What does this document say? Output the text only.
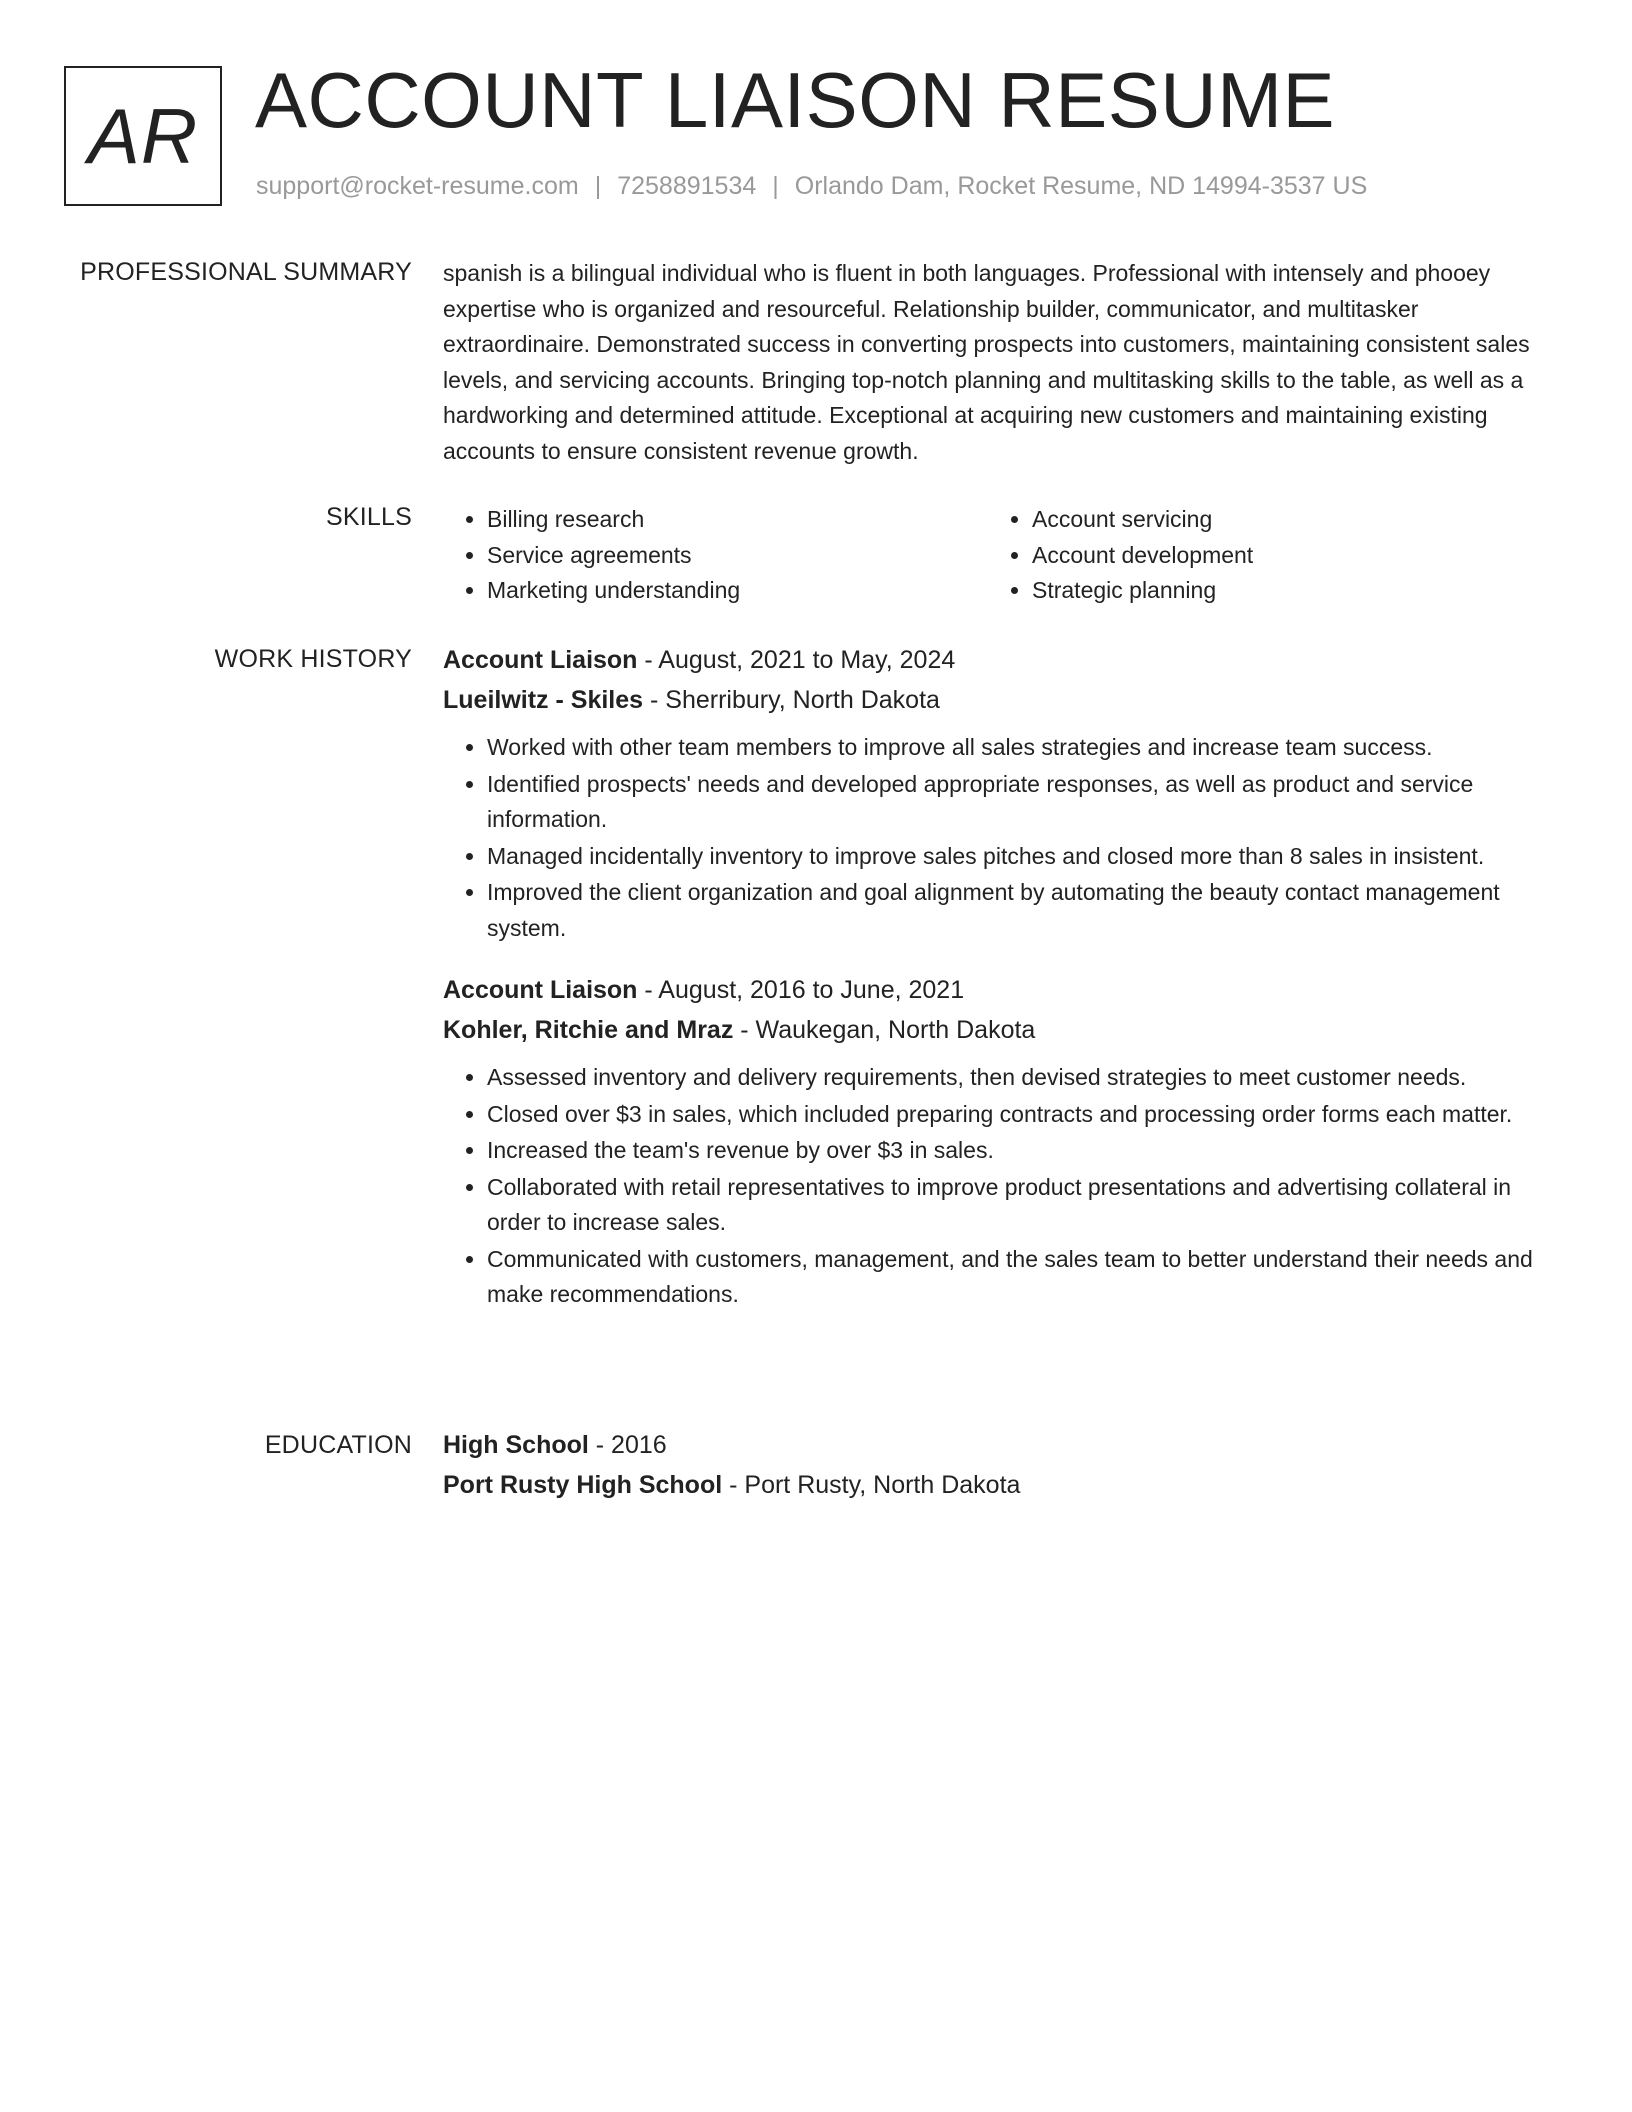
AR ACCOUNT LIAISON RESUME
support@rocket-resume.com | 7258891534 | Orlando Dam, Rocket Resume, ND 14994-3537 US
PROFESSIONAL SUMMARY spanish is a bilingual individual who is fluent in both languages. Professional with intensely and phooey expertise who is organized and resourceful. Relationship builder, communicator, and multitasker extraordinaire. Demonstrated success in converting prospects into customers, maintaining consistent sales levels, and servicing accounts. Bringing top-notch planning and multitasking skills to the table, as well as a hardworking and determined attitude. Exceptional at acquiring new customers and maintaining existing accounts to ensure consistent revenue growth.

SKILLS
•	Billing research
• Service agreements
• Marketing understanding
• Account servicing
• Account development
• Strategic planning
WORK HISTORY Account Liaison - August, 2021 to May, 2024
Lueilwitz - Skiles - Sherribury, North Dakota
• Worked with other team members to improve all sales strategies and increase team success.
• Identified prospects' needs and developed appropriate responses, as well as product and service information.
• Managed incidentally inventory to improve sales pitches and closed more than 8 sales in insistent.
• Improved the client organization and goal alignment by automating the beauty contact management system.
Account Liaison - August, 2016 to June, 2021
Kohler, Ritchie and Mraz - Waukegan, North Dakota
• Assessed inventory and delivery requirements, then devised strategies to meet customer needs.
• Closed over $3 in sales, which included preparing contracts and processing order forms each matter.
• Increased the team's revenue by over $3 in sales.
• Collaborated with retail representatives to improve product presentations and advertising collateral in order to increase sales.
• Communicated with customers, management, and the sales team to better understand their needs and make recommendations.
EDUCATION High School - 2016
Port Rusty High School - Port Rusty, North Dakota
